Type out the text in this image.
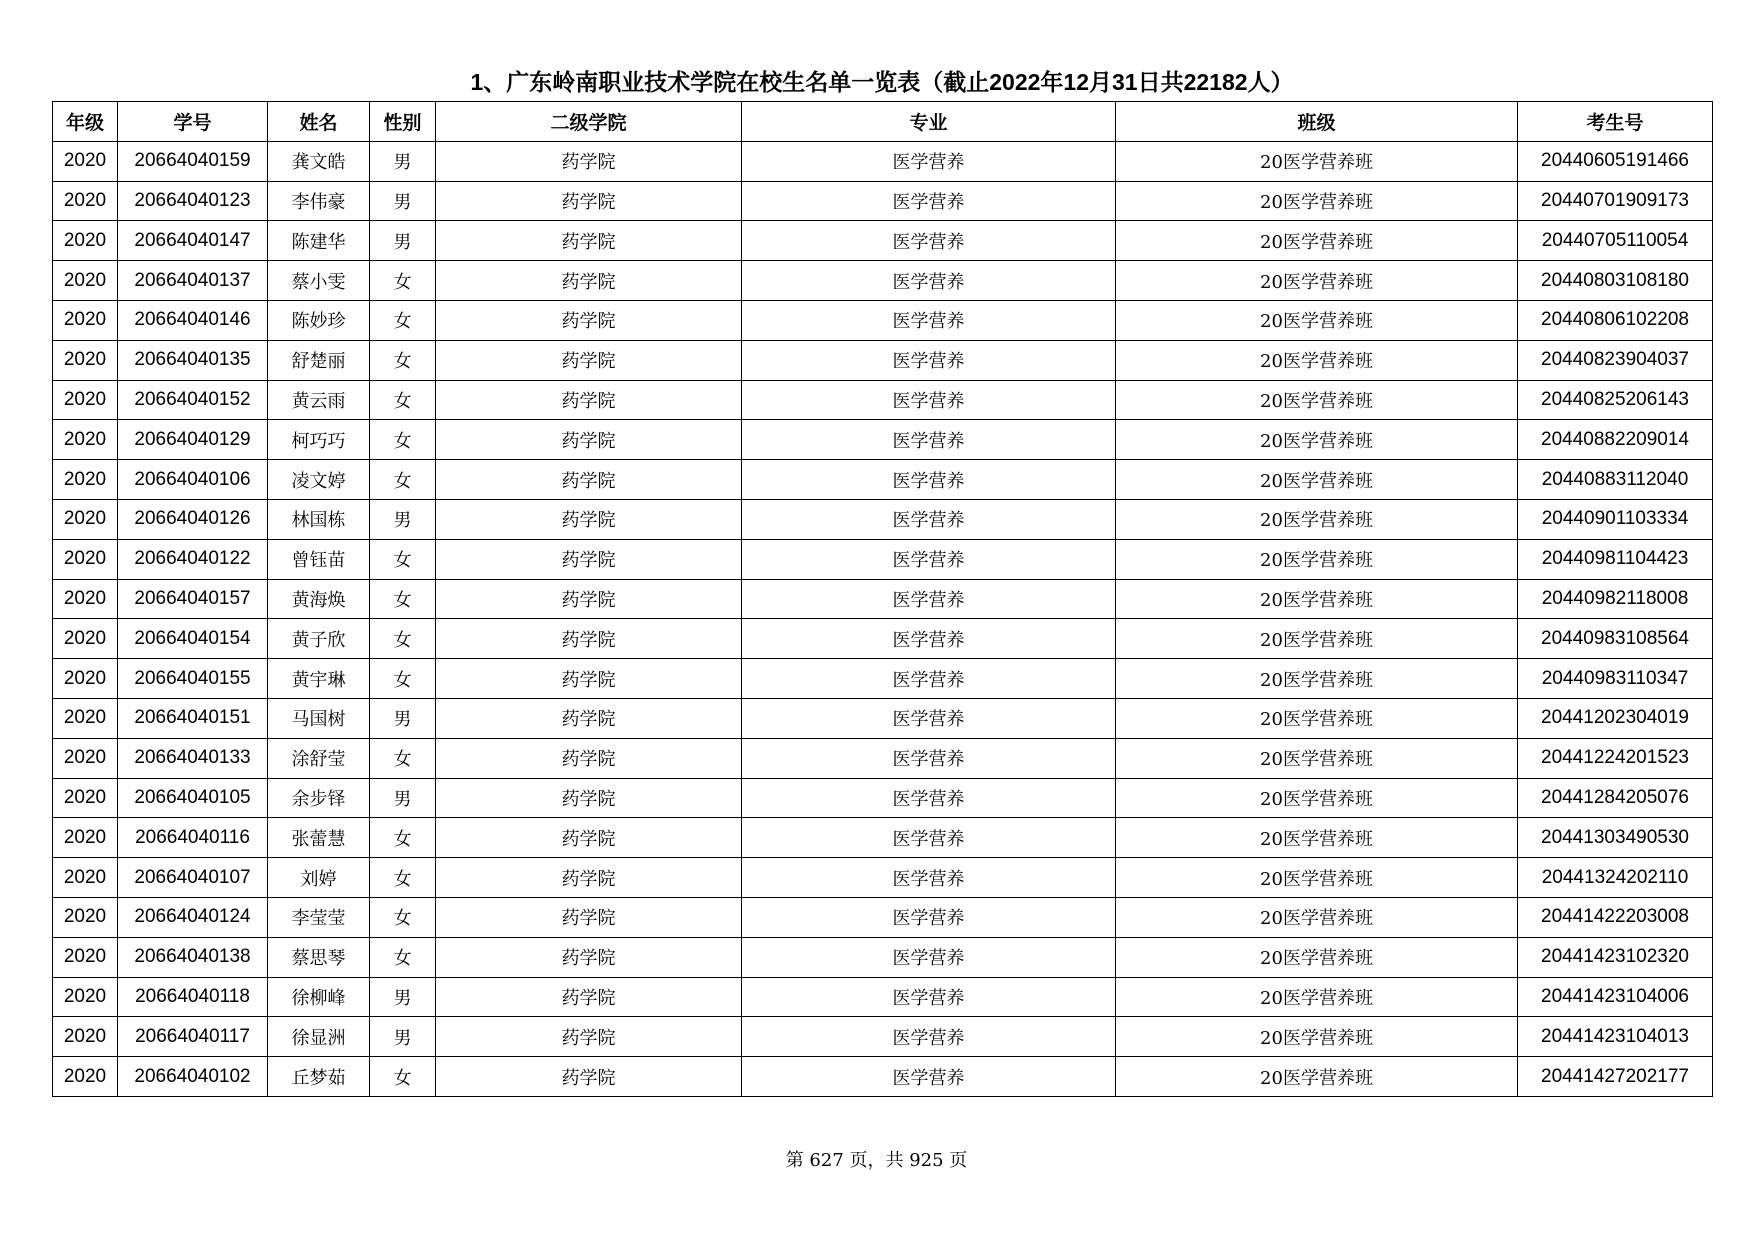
1、广东岭南职业技术学院在校生名单一览表（截止2022年12月31日共22182人）
年级	学号	姓名	性别	二级学院	专业	班级	考生号
2020	20664040159	龚文皓	男	药学院	医学营养	20医学营养班	20440605191466
2020	20664040123	李伟豪	男	药学院	医学营养	20医学营养班	20440701909173
2020	20664040147	陈建华	男	药学院	医学营养	20医学营养班	20440705110054
2020	20664040137	蔡小雯	女	药学院	医学营养	20医学营养班	20440803108180
2020	20664040146	陈妙珍	女	药学院	医学营养	20医学营养班	20440806102208
2020	20664040135	舒楚丽	女	药学院	医学营养	20医学营养班	20440823904037
2020	20664040152	黄云雨	女	药学院	医学营养	20医学营养班	20440825206143
2020	20664040129	柯巧巧	女	药学院	医学营养	20医学营养班	20440882209014
2020	20664040106	凌文婷	女	药学院	医学营养	20医学营养班	20440883112040
2020	20664040126	林国栋	男	药学院	医学营养	20医学营养班	20440901103334
2020	20664040122	曾钰苗	女	药学院	医学营养	20医学营养班	20440981104423
2020	20664040157	黄海焕	女	药学院	医学营养	20医学营养班	20440982118008
2020	20664040154	黄子欣	女	药学院	医学营养	20医学营养班	20440983108564
2020	20664040155	黄宇琳	女	药学院	医学营养	20医学营养班	20440983110347
2020	20664040151	马国树	男	药学院	医学营养	20医学营养班	20441202304019
2020	20664040133	涂舒莹	女	药学院	医学营养	20医学营养班	20441224201523
2020	20664040105	余步铎	男	药学院	医学营养	20医学营养班	20441284205076
2020	20664040116	张蕾慧	女	药学院	医学营养	20医学营养班	20441303490530
2020	20664040107	刘婷	女	药学院	医学营养	20医学营养班	20441324202110
2020	20664040124	李莹莹	女	药学院	医学营养	20医学营养班	20441422203008
2020	20664040138	蔡思琴	女	药学院	医学营养	20医学营养班	20441423102320
2020	20664040118	徐柳峰	男	药学院	医学营养	20医学营养班	20441423104006
2020	20664040117	徐显洲	男	药学院	医学营养	20医学营养班	20441423104013
2020	20664040102	丘梦茹	女	药学院	医学营养	20医学营养班	20441427202177
第 627 页，共 925 页
